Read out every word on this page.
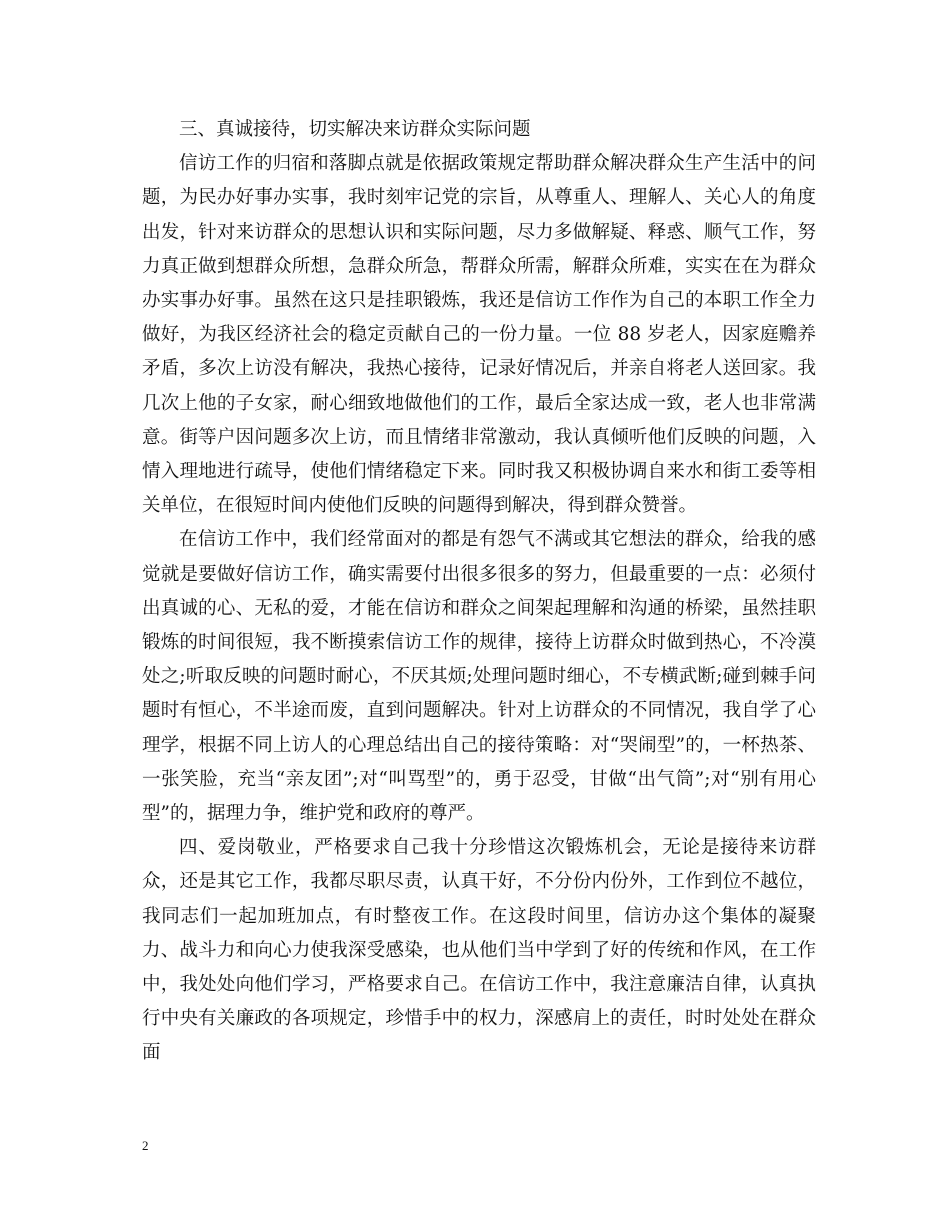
三、真诚接待，切实解决来访群众实际问题

信访工作的归宿和落脚点就是依据政策规定帮助群众解决群众生产生活中的问题，为民办好事办实事，我时刻牢记党的宗旨，从尊重人、理解人、关心人的角度出发，针对来访群众的思想认识和实际问题，尽力多做解疑、释惑、顺气工作，努力真正做到想群众所想，急群众所急，帮群众所需，解群众所难，实实在在为群众办实事办好事。虽然在这只是挂职锻炼，我还是信访工作作为自己的本职工作全力做好，为我区经济社会的稳定贡献自己的一份力量。一位 88 岁老人，因家庭赡养矛盾，多次上访没有解决，我热心接待，记录好情况后，并亲自将老人送回家。我几次上他的子女家，耐心细致地做他们的工作，最后全家达成一致，老人也非常满意。街等户因问题多次上访，而且情绪非常激动，我认真倾听他们反映的问题，入情入理地进行疏导，使他们情绪稳定下来。同时我又积极协调自来水和街工委等相关单位，在很短时间内使他们反映的问题得到解决，得到群众赞誉。

在信访工作中，我们经常面对的都是有怨气不满或其它想法的群众，给我的感觉就是要做好信访工作，确实需要付出很多很多的努力，但最重要的一点：必须付出真诚的心、无私的爱，才能在信访和群众之间架起理解和沟通的桥梁，虽然挂职锻炼的时间很短，我不断摸索信访工作的规律，接待上访群众时做到热心，不冷漠处之;听取反映的问题时耐心，不厌其烦;处理问题时细心，不专横武断;碰到棘手问题时有恒心，不半途而废，直到问题解决。针对上访群众的不同情况，我自学了心理学，根据不同上访人的心理总结出自己的接待策略：对“哭闹型”的，一杯热茶、一张笑脸，充当“亲友团”;对“叫骂型”的，勇于忍受，甘做“出气筒”;对“别有用心型”的，据理力争，维护党和政府的尊严。

四、爱岗敬业，严格要求自己我十分珍惜这次锻炼机会，无论是接待来访群众，还是其它工作，我都尽职尽责，认真干好，不分份内份外，工作到位不越位，我同志们一起加班加点，有时整夜工作。在这段时间里，信访办这个集体的凝聚力、战斗力和向心力使我深受感染，也从他们当中学到了好的传统和作风，在工作中，我处处向他们学习，严格要求自己。在信访工作中，我注意廉洁自律，认真执行中央有关廉政的各项规定，珍惜手中的权力，深感肩上的责任，时时处处在群众面

2
